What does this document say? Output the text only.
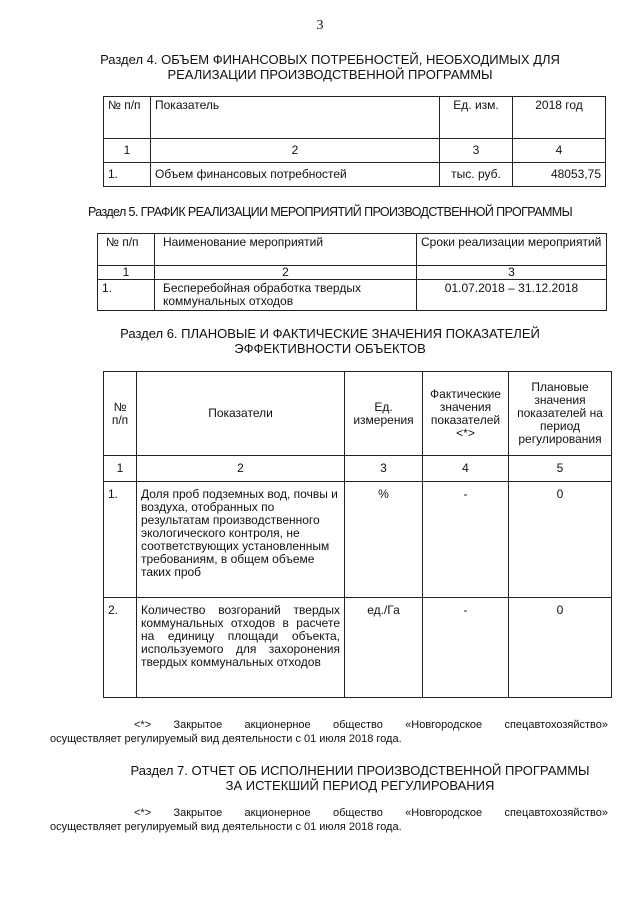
3
Раздел 4. ОБЪЕМ ФИНАНСОВЫХ ПОТРЕБНОСТЕЙ, НЕОБХОДИМЫХ ДЛЯ
РЕАЛИЗАЦИИ ПРОИЗВОДСТВЕННОЙ ПРОГРАММЫ
№ п/п	Показатель	Ед. изм.	2018 год
1	2	3	4
1.	Объем финансовых потребностей	тыс. руб.	48053,75
Раздел 5. ГРАФИК РЕАЛИЗАЦИИ МЕРОПРИЯТИЙ ПРОИЗВОДСТВЕННОЙ ПРОГРАММЫ
№ п/п	Наименование мероприятий	Сроки реализации мероприятий
1	2	3
1.	Бесперебойная обработка твердых коммунальных отходов	01.07.2018 – 31.12.2018
Раздел 6. ПЛАНОВЫЕ И ФАКТИЧЕСКИЕ ЗНАЧЕНИЯ ПОКАЗАТЕЛЕЙ
ЭФФЕКТИВНОСТИ ОБЪЕКТОВ
№ п/п	Показатели	Ед. измерения	Фактические значения показателей <*>	Плановые значения показателей на период регулирования
1	2	3	4	5
1.	Доля проб подземных вод, почвы и воздуха, отобранных по результатам производственного экологического контроля, не соответствующих установленным требованиям, в общем объеме таких проб	%	-	0
2.	Количество возгораний твердых коммунальных отходов в расчете на единицу площади объекта, используемого для захоронения твердых коммунальных отходов	ед./Га	-	0
<*> Закрытое акционерное общество «Новгородское спецавтохозяйство»
осуществляет регулируемый вид деятельности с 01 июля 2018 года.
Раздел 7. ОТЧЕТ ОБ ИСПОЛНЕНИИ ПРОИЗВОДСТВЕННОЙ ПРОГРАММЫ
ЗА ИСТЕКШИЙ ПЕРИОД РЕГУЛИРОВАНИЯ
<*> Закрытое акционерное общество «Новгородское спецавтохозяйство»
осуществляет регулируемый вид деятельности с 01 июля 2018 года.
